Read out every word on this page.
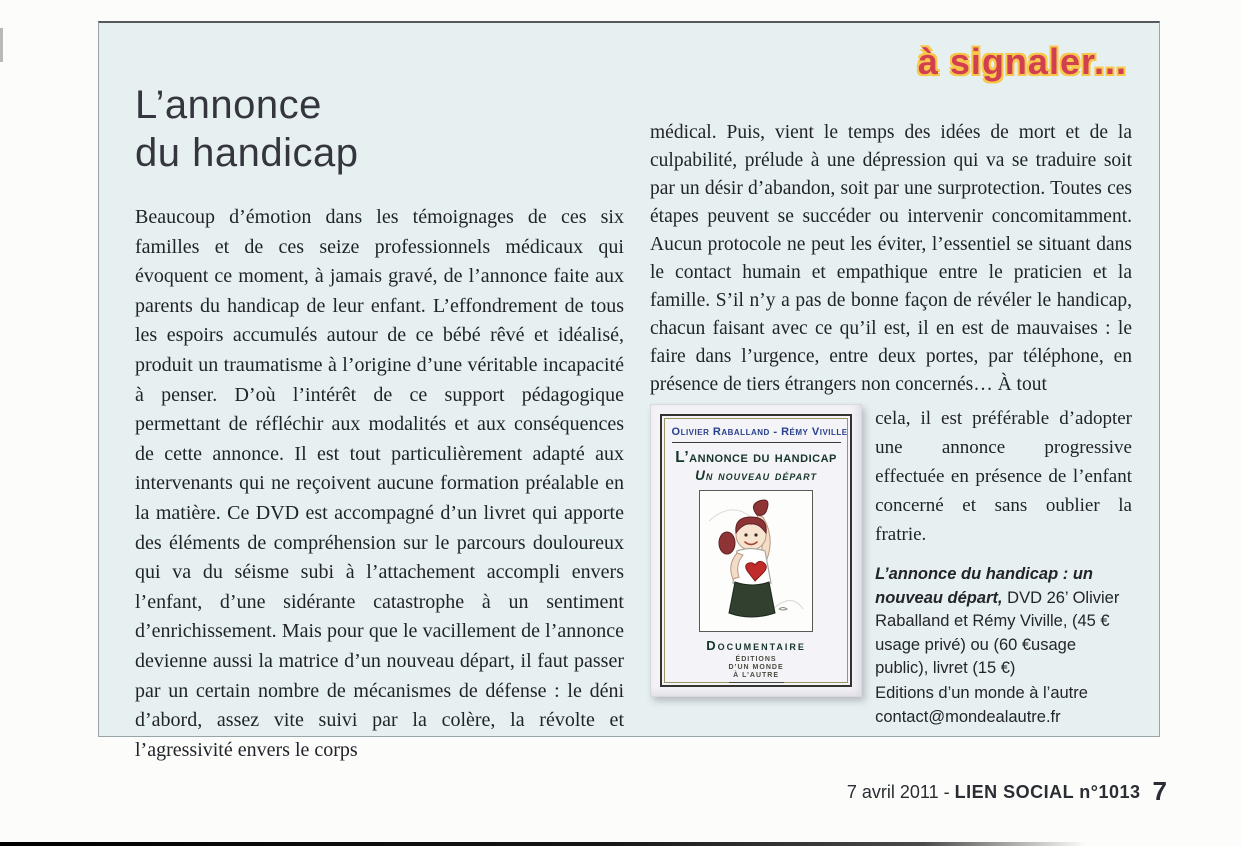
à signaler...
L’annonce
du handicap

Beaucoup d’émotion dans les témoignages de ces six familles et de ces seize professionnels médicaux qui évoquent ce moment, à jamais gravé, de l’annonce faite aux parents du handicap de leur enfant. L’effondrement de tous les espoirs accumulés autour de ce bébé rêvé et idéalisé, produit un traumatisme à l’origine d’une véritable incapacité à penser. D’où l’intérêt de ce support pédagogique permettant de réfléchir aux modalités et aux conséquences de cette annonce. Il est tout particulièrement adapté aux intervenants qui ne reçoivent aucune formation préalable en la matière. Ce DVD est accompagné d’un livret qui apporte des éléments de compréhension sur le parcours douloureux qui va du séisme subi à l’attachement accompli envers l’enfant, d’une sidérante catastrophe à un sentiment d’enrichissement. Mais pour que le vacillement de l’annonce devienne aussi la matrice d’un nouveau départ, il faut passer par un certain nombre de mécanismes de défense : le déni d’abord, assez vite suivi par la colère, la révolte et l’agressivité envers le corps

médical. Puis, vient le temps des idées de mort et de la culpabilité, prélude à une dépression qui va se traduire soit par un désir d’abandon, soit par une surprotection. Toutes ces étapes peuvent se succéder ou intervenir concomitamment. Aucun protocole ne peut les éviter, l’essentiel se situant dans le contact humain et empathique entre le praticien et la famille. S’il n’y a pas de bonne façon de révéler le handicap, chacun faisant avec ce qu’il est, il en est de mauvaises : le faire dans l’urgence, entre deux portes, par téléphone, en présence de tiers étrangers non concernés… À tout

Olivier Raballand - Rémy Viville
L’annonce du handicap
Un nouveau départ
Documentaire
ÉDITIONS
D’UN MONDE
À L’AUTRE

cela, il est préférable d’adopter une annonce progressive effectuée en présence de l’enfant concerné et sans oublier la fratrie.

L’annonce du handicap : un nouveau départ, DVD 26’ Olivier Raballand et Rémy Viville, (45 € usage privé) ou (60 €usage public), livret (15 €)
Editions d’un monde à l’autre
contact@mondealautre.fr
7 avril 2011 - LIEN SOCIAL n°1013 7
